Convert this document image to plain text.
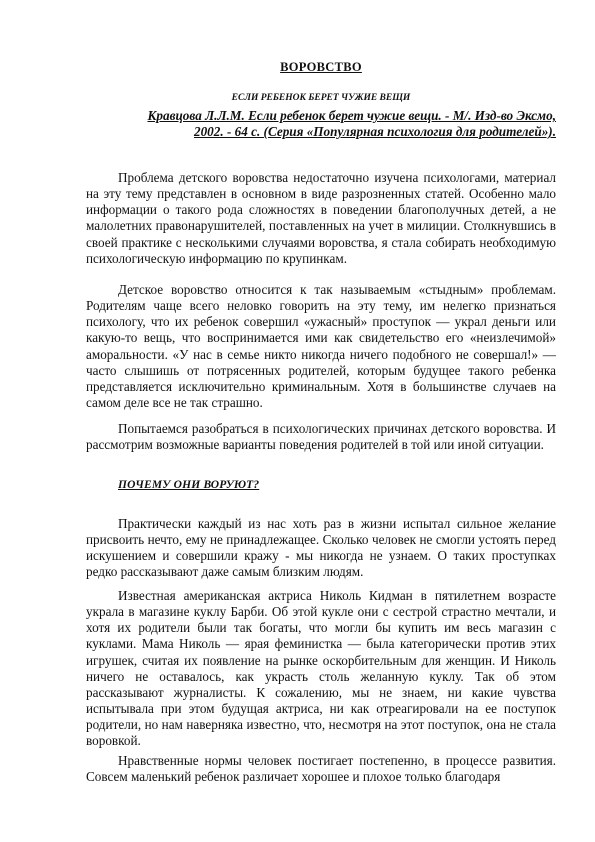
ВОРОВСТВО
ЕСЛИ РЕБЕНОК БЕРЕТ ЧУЖИЕ ВЕЩИ
Кравцова Л.Л.М. Если ребенок берет чужие вещи. - М/. Изд-во Эксмо,
2002. - 64 с. (Серия «Популярная психология для родителей»).

Проблема детского воровства недостаточно изучена психологами, материал на эту тему представлен в основном в виде разрозненных статей. Особенно мало информации о такого рода сложностях в поведении благополучных детей, а не малолетних правонарушителей, поставленных на учет в милиции. Столкнувшись в своей практике с несколькими случаями воровства, я стала собирать необходимую психологическую информацию по крупинкам.

Детское воровство относится к так называемым «стыдным» проблемам. Родителям чаще всего неловко говорить на эту тему, им нелегко признаться психологу, что их ребенок совершил «ужасный» проступок — украл деньги или какую-то вещь, что воспринимается ими как свидетельство его «неизлечимой» аморальности. «У нас в семье никто никогда ничего подобного не совершал!» — часто слышишь от потрясенных родителей, которым будущее такого ребенка представляется исключительно криминальным. Хотя в большинстве случаев на самом деле все не так страшно.

Попытаемся разобраться в психологических причинах детского воровства. И рассмотрим возможные варианты поведения родителей в той или иной ситуации.

ПОЧЕМУ ОНИ ВОРУЮТ?

Практически каждый из нас хоть раз в жизни испытал сильное желание присвоить нечто, ему не принадлежащее. Сколько человек не смогли устоять перед искушением и совершили кражу - мы никогда не узнаем. О таких проступках редко рассказывают даже самым близким людям.

Известная американская актриса Николь Кидман в пятилетнем возрасте украла в магазине куклу Барби. Об этой кукле они с сестрой страстно мечтали, и хотя их родители были так богаты, что могли бы купить им весь магазин с куклами. Мама Николь — ярая феминистка — была категорически против этих игрушек, считая их появление на рынке оскорбительным для женщин. И Николь ничего не оставалось, как украсть столь желанную куклу. Так об этом рассказывают журналисты. К сожалению, мы не знаем, ни какие чувства испытывала при этом будущая актриса, ни как отреагировали на ее поступок родители, но нам наверняка известно, что, несмотря на этот поступок, она не стала воровкой.

Нравственные нормы человек постигает постепенно, в процессе развития. Совсем маленький ребенок различает хорошее и плохое только благодаря
